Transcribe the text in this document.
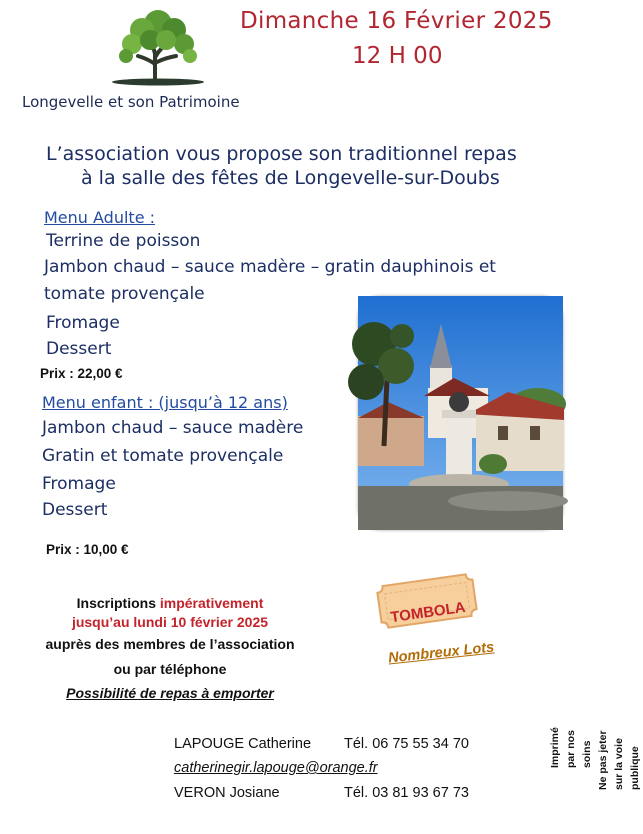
Dimanche 16 Février 2025
12 H 00
Longevelle et son Patrimoine
L’association vous propose son traditionnel repas
à la salle des fêtes de Longevelle-sur-Doubs
Menu Adulte :
Terrine de poisson
Jambon chaud – sauce madère – gratin dauphinois et
tomate provençale
Fromage
Dessert
Prix : 22,00 €
Menu enfant : (jusqu’à 12 ans)
Jambon chaud – sauce madère
Gratin et tomate provençale
Fromage
Dessert
Prix : 10,00 €
Inscriptions impérativement
jusqu’au lundi 10 février 2025
auprès des membres de l’association
ou par téléphone
Possibilité de repas à emporter
TOMBOLA
Nombreux Lots
LAPOUGE Catherine Tél. 06 75 55 34 70
catherinegir.lapouge@orange.fr
VERON Josiane	Tél. 03 81 93 67 73
Imprimé par nos soins Ne pas jeter sur la voie publique
